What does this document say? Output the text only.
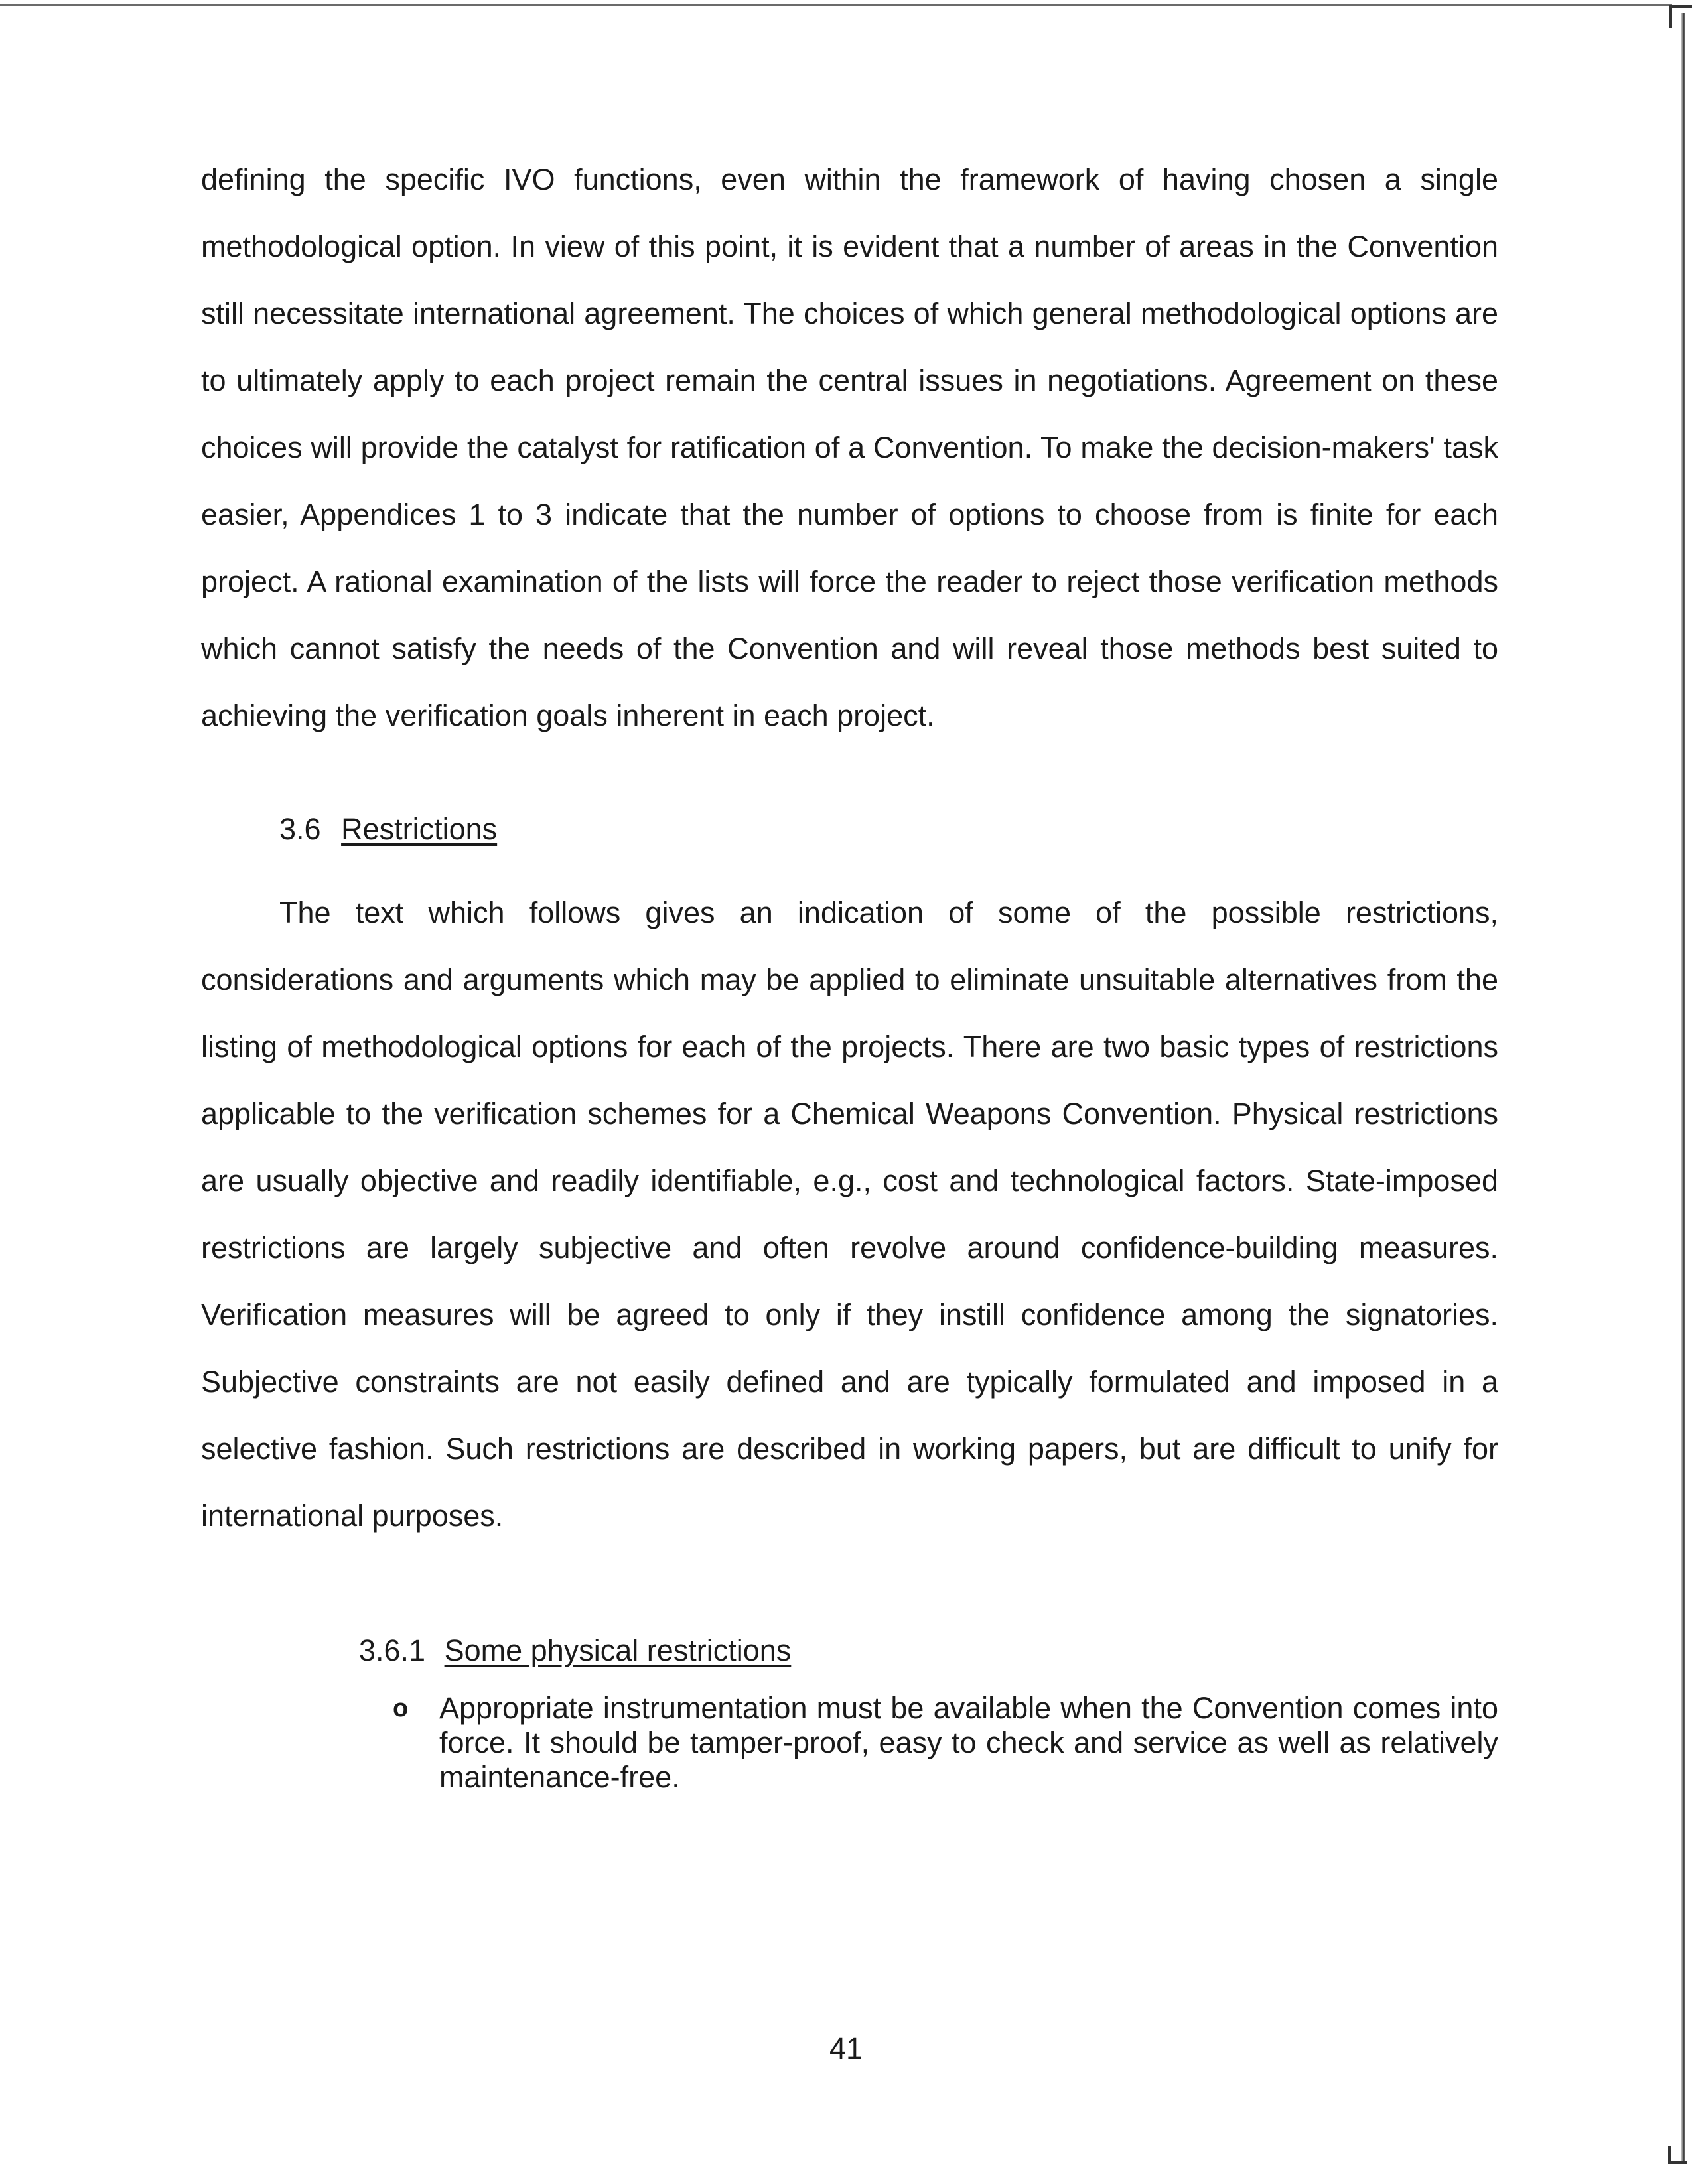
defining the specific IVO functions, even within the framework of having chosen a single methodological option. In view of this point, it is evident that a number of areas in the Convention still necessitate international agreement. The choices of which general methodological options are to ultimately apply to each project remain the central issues in negotiations. Agreement on these choices will provide the catalyst for ratification of a Convention. To make the decision-makers' task easier, Appendices 1 to 3 indicate that the number of options to choose from is finite for each project. A rational examination of the lists will force the reader to reject those verification methods which cannot satisfy the needs of the Convention and will reveal those methods best suited to achieving the verification goals inherent in each project.

3.6 Restrictions

The text which follows gives an indication of some of the possible restrictions, considerations and arguments which may be applied to eliminate unsuitable alternatives from the listing of methodological options for each of the projects. There are two basic types of restrictions applicable to the verification schemes for a Chemical Weapons Convention. Physical restrictions are usually objective and readily identifiable, e.g., cost and technological factors. State-imposed restrictions are largely subjective and often revolve around confidence-building measures. Verification measures will be agreed to only if they instill confidence among the signatories. Subjective constraints are not easily defined and are typically formulated and imposed in a selective fashion. Such restrictions are described in working papers, but are difficult to unify for international purposes.

3.6.1 Some physical restrictions
o Appropriate instrumentation must be available when the Convention comes into force. It should be tamper-proof, easy to check and service as well as relatively maintenance-free.
41
